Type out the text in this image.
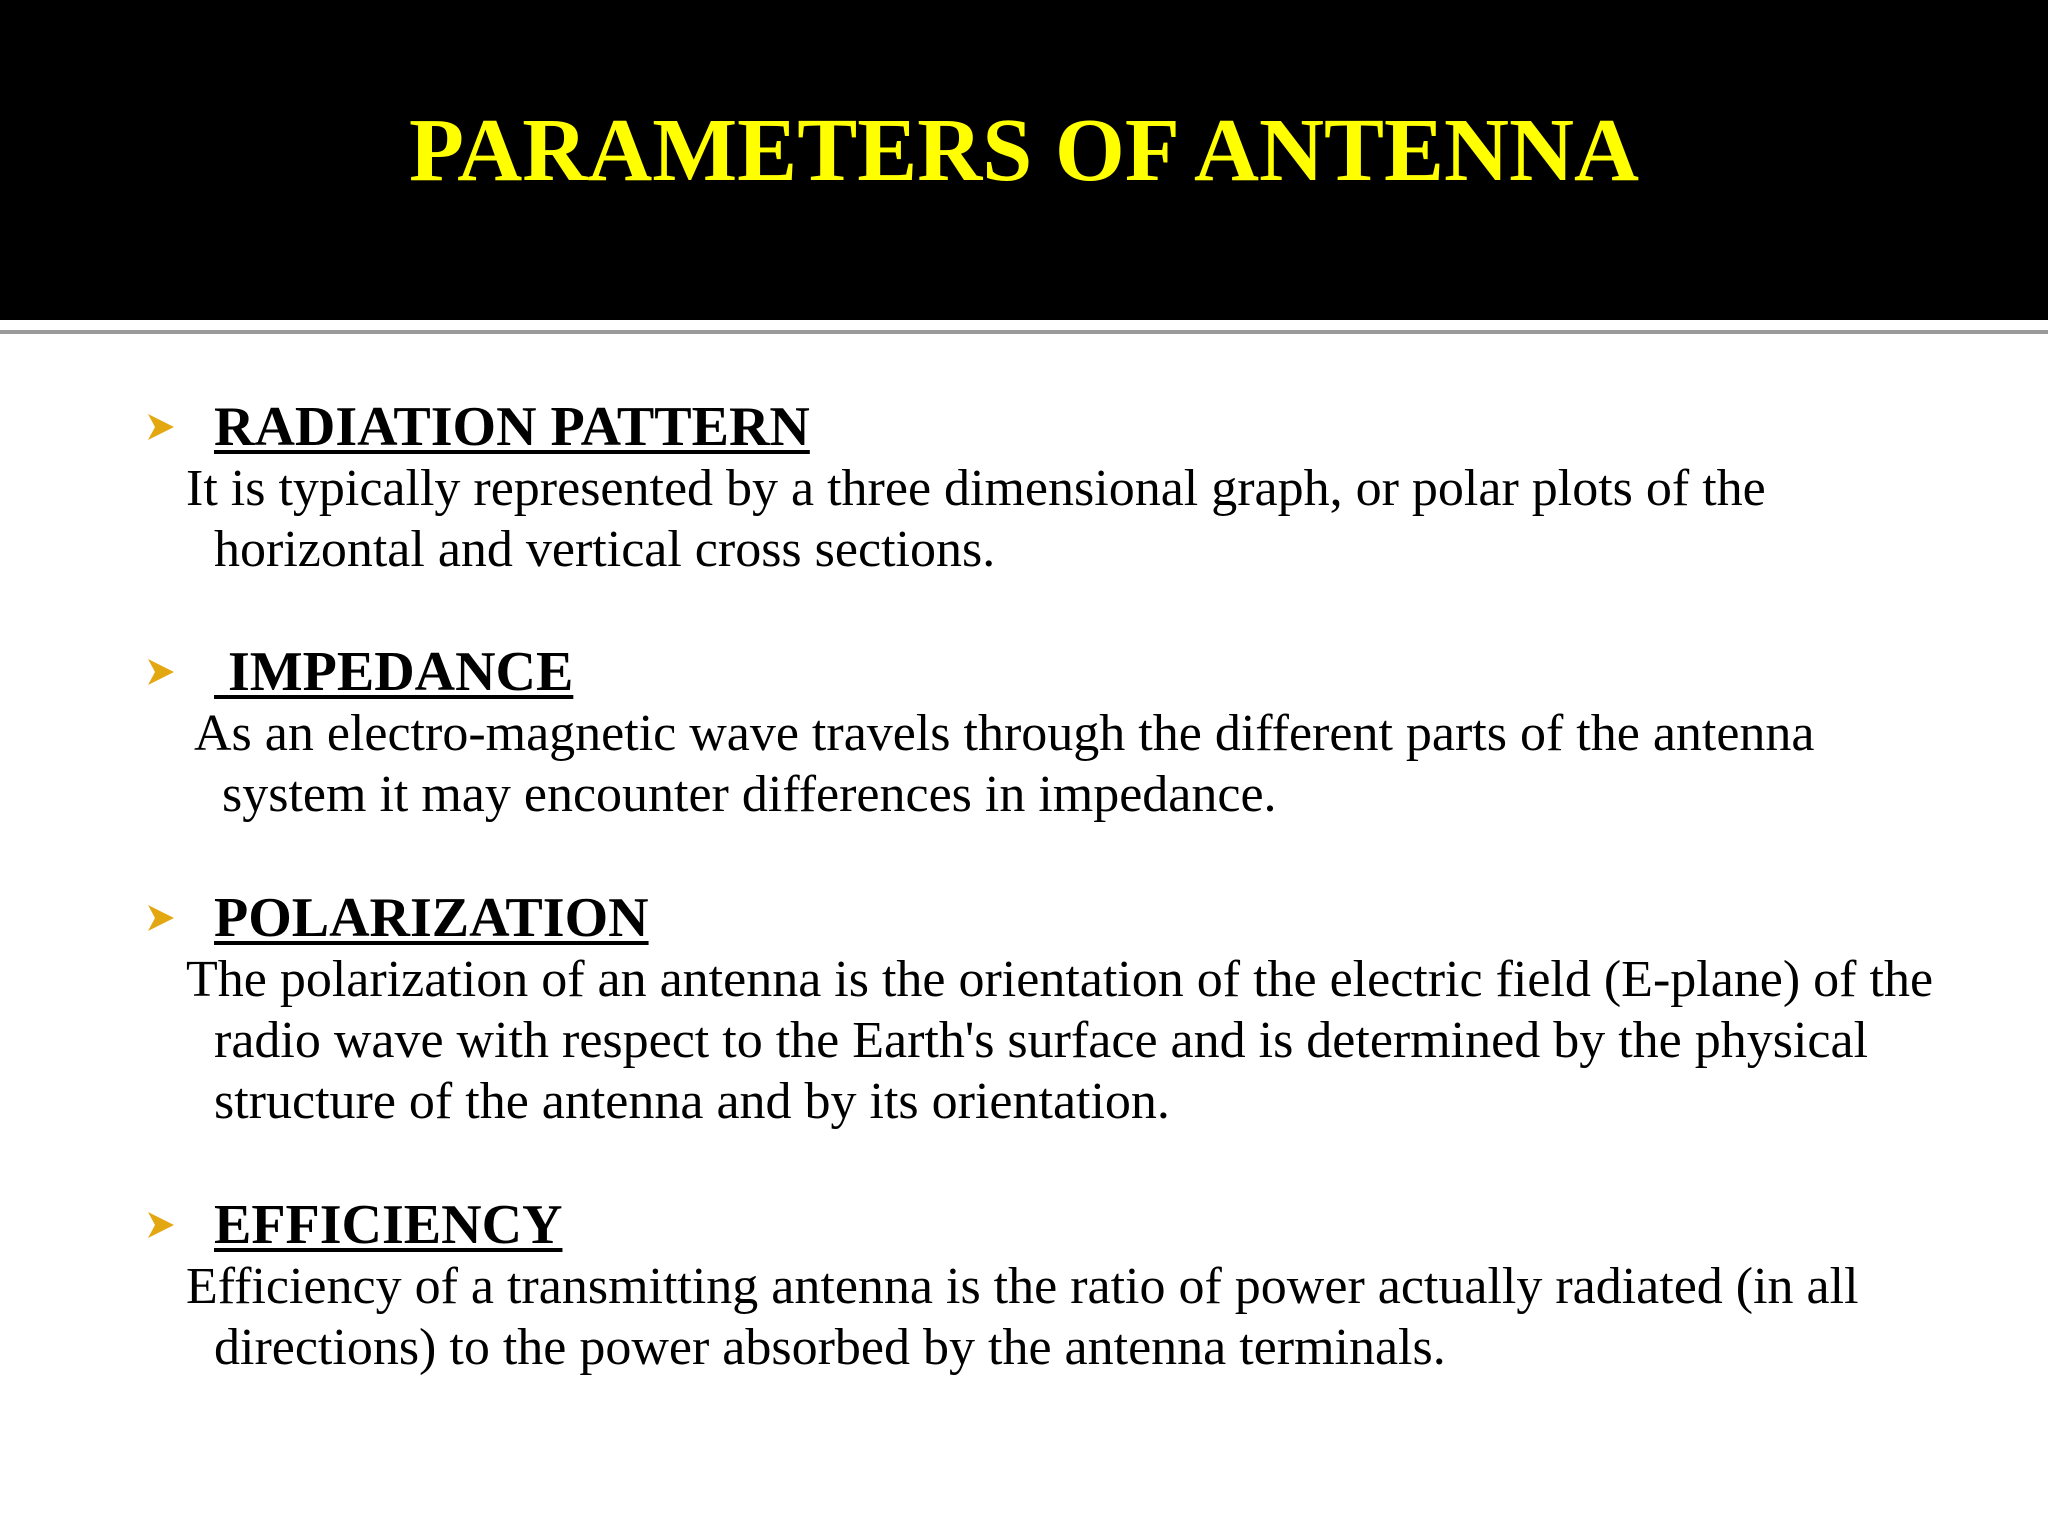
PARAMETERS OF ANTENNA
RADIATION PATTERN

It is typically represented by a three dimensional graph, or polar plots of the horizontal and vertical cross sections.

IMPEDANCE

As an electro-magnetic wave travels through the different parts of the antenna system it may encounter differences in impedance.

POLARIZATION

The polarization of an antenna is the orientation of the electric field (E-plane) of the radio wave with respect to the Earth's surface and is determined by the physical structure of the antenna and by its orientation.

EFFICIENCY

Efficiency of a transmitting antenna is the ratio of power actually radiated (in all directions) to the power absorbed by the antenna terminals.
